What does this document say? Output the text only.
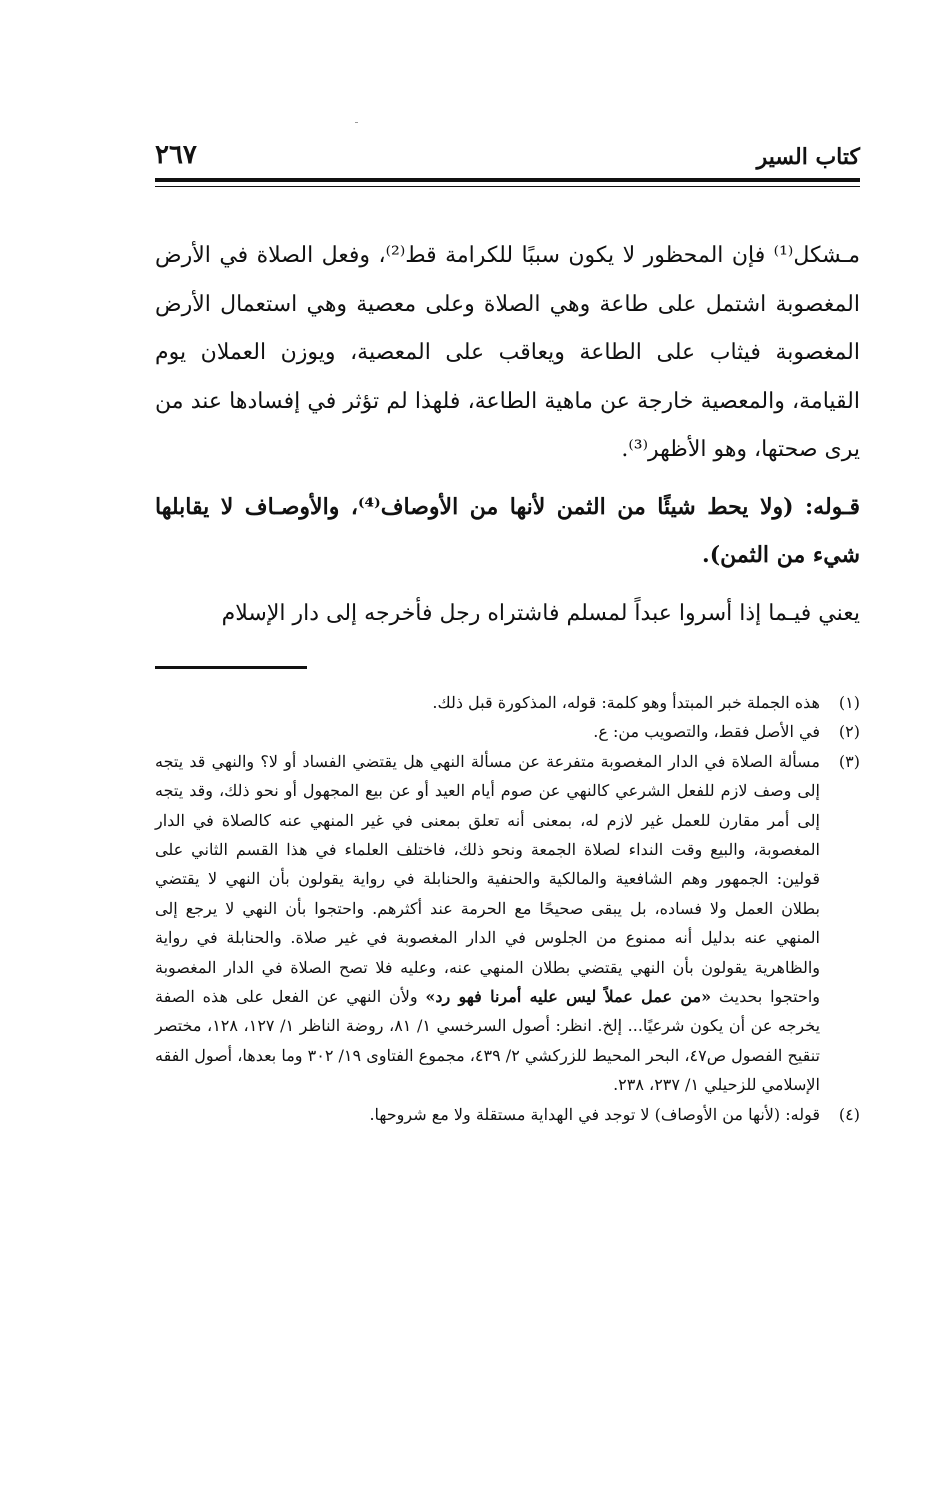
كتاب السير
٢٦٧

مـشكل⁽¹⁾ فإن المحظور لا يكون سببًا للكرامة قط⁽²⁾، وفعل الصلاة في الأرض المغصوبة اشتمل على طاعة وهي الصلاة وعلى معصية وهي استعمال الأرض المغصوبة فيثاب على الطاعة ويعاقب على المعصية، ويوزن العملان يوم القيامة، والمعصية خارجة عن ماهية الطاعة، فلهذا لم تؤثر في إفسادها عند من يرى صحتها، وهو الأظهر⁽³⁾.

قـوله: (ولا يحط شيئًا من الثمن لأنها من الأوصاف⁽⁴⁾، والأوصـاف لا يقابلها شيء من الثمن).

يعني فيـما إذا أسروا عبداً لمسلم فاشتراه رجل فأخرجه إلى دار الإسلام

(١)
هذه الجملة خبر المبتدأ وهو كلمة: قوله، المذكورة قبل ذلك.
(٢)
في الأصل فقط، والتصويب من: ع.
(٣)
مسألة الصلاة في الدار المغصوبة متفرعة عن مسألة النهي هل يقتضي الفساد أو لا؟ والنهي قد يتجه إلى وصف لازم للفعل الشرعي كالنهي عن صوم أيام العيد أو عن بيع المجهول أو نحو ذلك، وقد يتجه إلى أمر مقارن للعمل غير لازم له، بمعنى أنه تعلق بمعنى في غير المنهي عنه كالصلاة في الدار المغصوبة، والبيع وقت النداء لصلاة الجمعة ونحو ذلك، فاختلف العلماء في هذا القسم الثاني على قولين: الجمهور وهم الشافعية والمالكية والحنفية والحنابلة في رواية يقولون بأن النهي لا يقتضي بطلان العمل ولا فساده، بل يبقى صحيحًا مع الحرمة عند أكثرهم. واحتجوا بأن النهي لا يرجع إلى المنهي عنه بدليل أنه ممنوع من الجلوس في الدار المغصوبة في غير صلاة. والحنابلة في رواية والظاهرية يقولون بأن النهي يقتضي بطلان المنهي عنه، وعليه فلا تصح الصلاة في الدار المغصوبة واحتجوا بحديث «من عمل عملاً ليس عليه أمرنا فهو رد» ولأن النهي عن الفعل على هذه الصفة يخرجه عن أن يكون شرعيًا... إلخ. انظر: أصول السرخسي ١/ ٨١، روضة الناظر ١/ ١٢٧، ١٢٨، مختصر تنقيح الفصول ص٤٧، البحر المحيط للزركشي ٢/ ٤٣٩، مجموع الفتاوى ١٩/ ٣٠٢ وما بعدها، أصول الفقه الإسلامي للزحيلي ١/ ٢٣٧، ٢٣٨.
(٤)
قوله: (لأنها من الأوصاف) لا توجد في الهداية مستقلة ولا مع شروحها.
